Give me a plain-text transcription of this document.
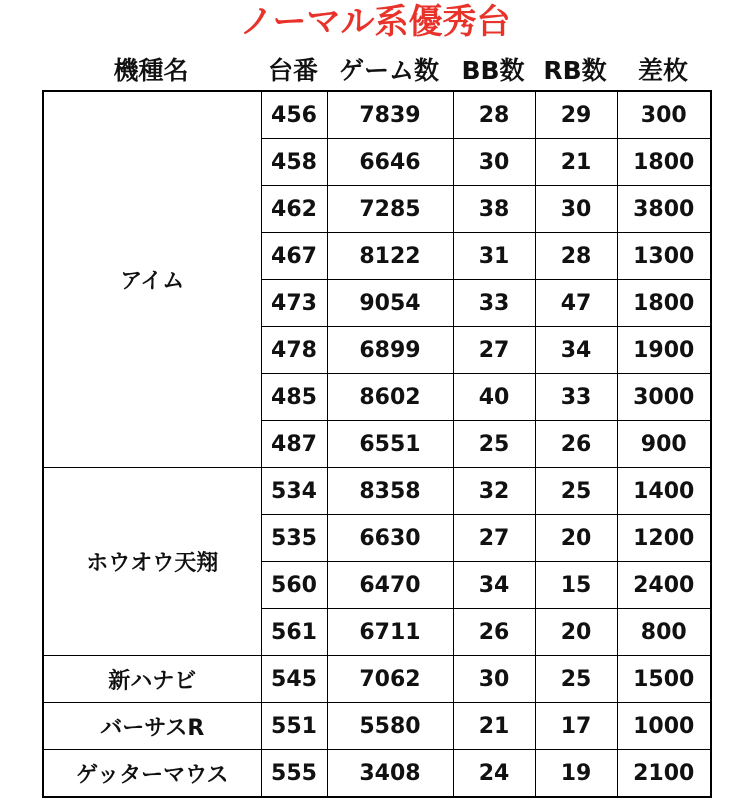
ノーマル系優秀台
機種名	台番 ゲーム数 BB数 RB数	差枚
アイム	456	7839	28	29	300
	458	6646	30	21	1800
	462	7285	38	30	3800
	467	8122	31	28	1300
	473	9054	33	47	1800
	478	6899	27	34	1900
	485	8602	40	33	3000
	487	6551	25	26	900
ホウオウ天翔	534	8358	32	25	1400
	535	6630	27	20	1200
	560	6470	34	15	2400
	561	6711	26	20	800
新ハナビ	545	7062	30	25	1500
バーサスR	551	5580	21	17	1000
ゲッターマウス	555	3408	24	19	2100
